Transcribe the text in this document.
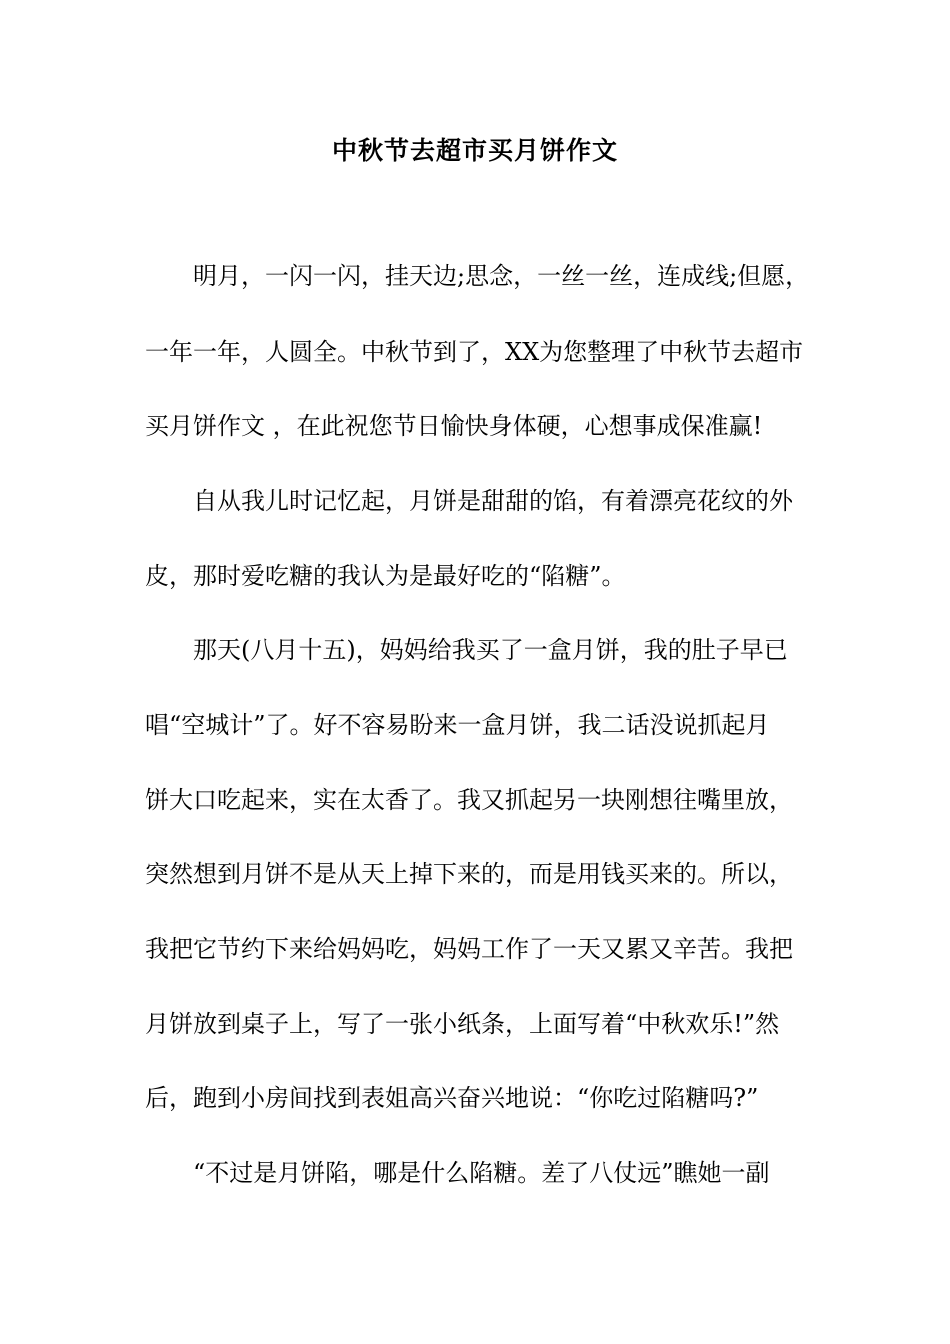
中秋节去超市买月饼作文
明月，一闪一闪，挂天边;思念，一丝一丝，连成线;但愿，
一年一年，人圆全。中秋节到了，XX为您整理了中秋节去超市
买月饼作文 ，在此祝您节日愉快身体硬，心想事成保准赢!
自从我儿时记忆起，月饼是甜甜的馅，有着漂亮花纹的外
皮，那时爱吃糖的我认为是最好吃的“陷糖”。
那天(八月十五)，妈妈给我买了一盒月饼，我的肚子早已
唱“空城计”了。好不容易盼来一盒月饼，我二话没说抓起月
饼大口吃起来，实在太香了。我又抓起另一块刚想往嘴里放，
突然想到月饼不是从天上掉下来的，而是用钱买来的。所以，
我把它节约下来给妈妈吃，妈妈工作了一天又累又辛苦。我把
月饼放到桌子上，写了一张小纸条，上面写着“中秋欢乐!”然
后，跑到小房间找到表姐高兴奋兴地说：“你吃过陷糖吗?”
“不过是月饼陷，哪是什么陷糖。差了八仗远”瞧她一副
